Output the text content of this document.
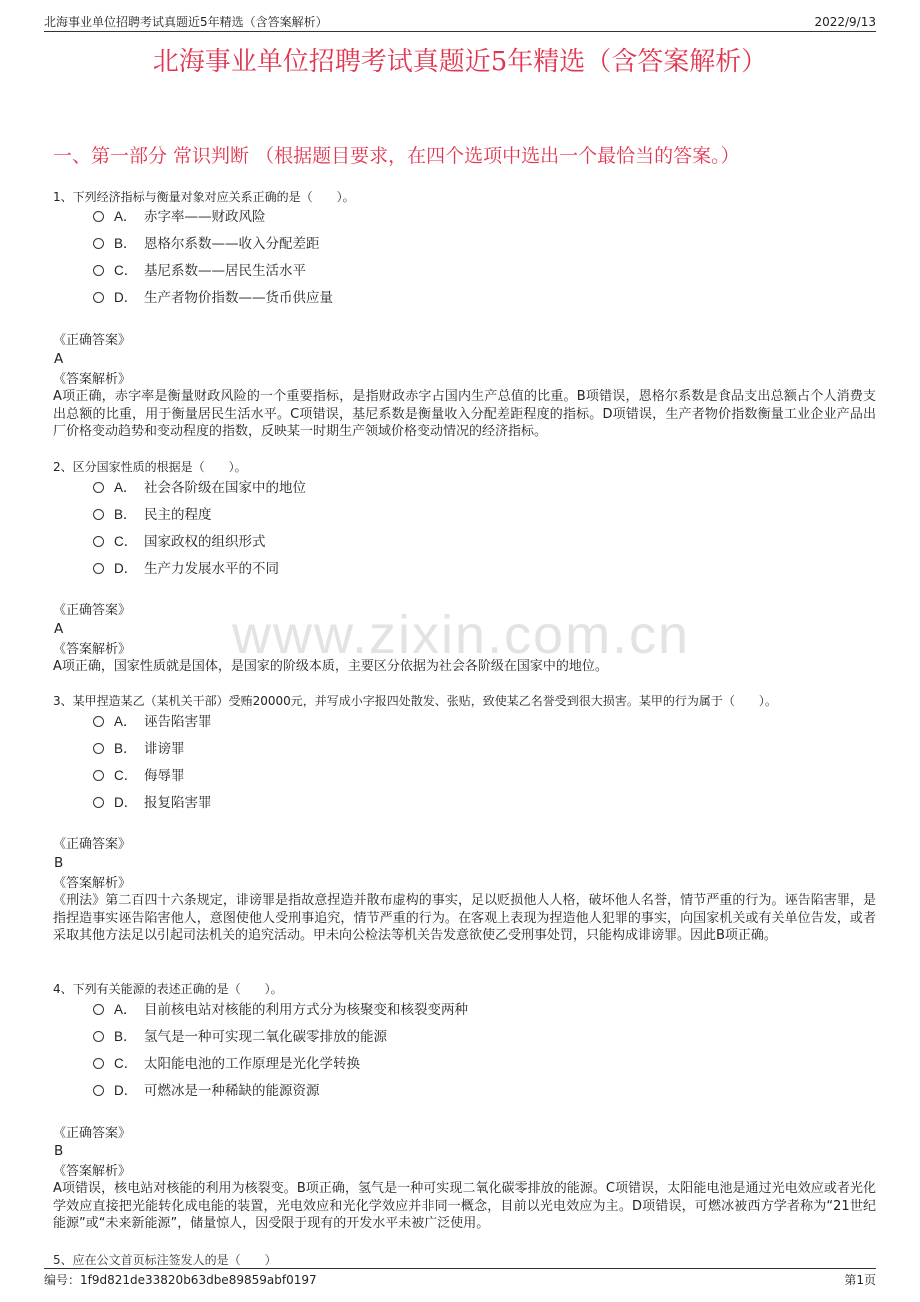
北海事业单位招聘考试真题近5年精选（含答案解析）	2022/9/13
北海事业单位招聘考试真题近5年精选（含答案解析）
一、第一部分 常识判断 （根据题目要求，在四个选项中选出一个最恰当的答案。）
www.zixin.com.cn
1、下列经济指标与衡量对象对应关系正确的是（　　）。
A． 赤字率——财政风险
B． 恩格尔系数——收入分配差距
C． 基尼系数——居民生活水平
D． 生产者物价指数——货币供应量
《正确答案》
A
《答案解析》
A项正确，赤字率是衡量财政风险的一个重要指标，是指财政赤字占国内生产总值的比重。B项错误，恩格尔系数是食品支出总额占个人消费支出总额的比重，用于衡量居民生活水平。C项错误，基尼系数是衡量收入分配差距程度的指标。D项错误，生产者物价指数衡量工业企业产品出厂价格变动趋势和变动程度的指数，反映某一时期生产领域价格变动情况的经济指标。
2、区分国家性质的根据是（　　）。
A． 社会各阶级在国家中的地位
B． 民主的程度
C． 国家政权的组织形式
D． 生产力发展水平的不同
《正确答案》
A
《答案解析》
A项正确，国家性质就是国体，是国家的阶级本质，主要区分依据为社会各阶级在国家中的地位。
3、某甲捏造某乙（某机关干部）受贿20000元，并写成小字报四处散发、张贴，致使某乙名誉受到很大损害。某甲的行为属于（　　）。
A． 诬告陷害罪
B． 诽谤罪
C． 侮辱罪
D． 报复陷害罪
《正确答案》
B
《答案解析》
《刑法》第二百四十六条规定，诽谤罪是指故意捏造并散布虚构的事实，足以贬损他人人格，破坏他人名誉，情节严重的行为。诬告陷害罪，是指捏造事实诬告陷害他人，意图使他人受刑事追究，情节严重的行为。在客观上表现为捏造他人犯罪的事实，向国家机关或有关单位告发，或者采取其他方法足以引起司法机关的追究活动。甲未向公检法等机关告发意欲使乙受刑事处罚，只能构成诽谤罪。因此B项正确。
4、下列有关能源的表述正确的是（　　）。
A． 目前核电站对核能的利用方式分为核聚变和核裂变两种
B． 氢气是一种可实现二氧化碳零排放的能源
C． 太阳能电池的工作原理是光化学转换
D． 可燃冰是一种稀缺的能源资源
《正确答案》
B
《答案解析》
A项错误，核电站对核能的利用为核裂变。B项正确，氢气是一种可实现二氧化碳零排放的能源。C项错误，太阳能电池是通过光电效应或者光化学效应直接把光能转化成电能的装置，光电效应和光化学效应并非同一概念，目前以光电效应为主。D项错误，可燃冰被西方学者称为“21世纪能源”或“未来新能源”，储量惊人，因受限于现有的开发水平未被广泛使用。
5、应在公文首页标注签发人的是（　　）
编号：1f9d821de33820b63dbe89859abf0197	第1页
